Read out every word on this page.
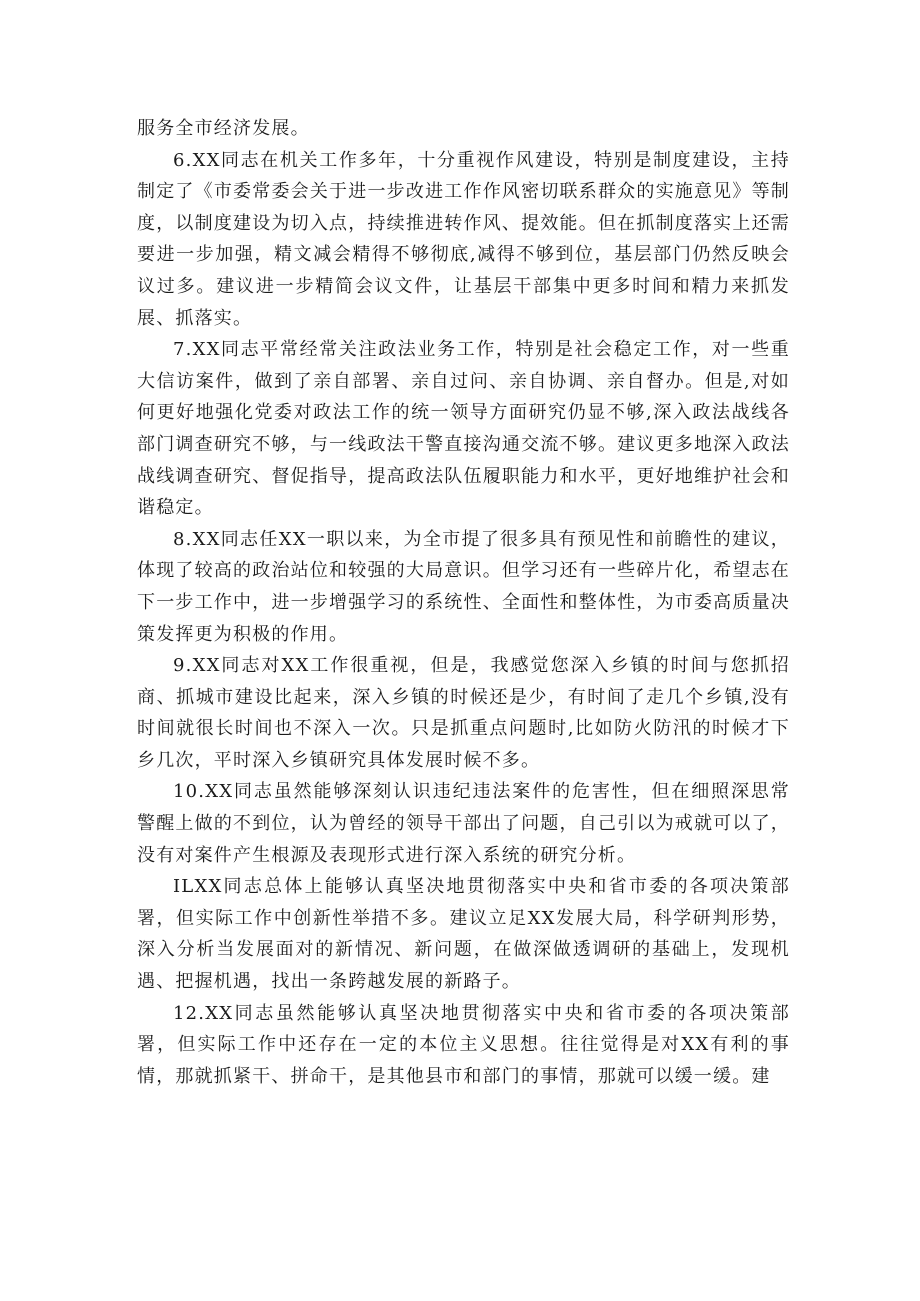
服务全市经济发展。

6.XX同志在机关工作多年，十分重视作风建设，特别是制度建设，主持制定了《市委常委会关于进一步改进工作作风密切联系群众的实施意见》等制度，以制度建设为切入点，持续推进转作风、提效能。但在抓制度落实上还需要进一步加强，精文减会精得不够彻底,减得不够到位，基层部门仍然反映会议过多。建议进一步精简会议文件，让基层干部集中更多时间和精力来抓发展、抓落实。

7.XX同志平常经常关注政法业务工作，特别是社会稳定工作，对一些重大信访案件，做到了亲自部署、亲自过问、亲自协调、亲自督办。但是,对如何更好地强化党委对政法工作的统一领导方面研究仍显不够,深入政法战线各部门调查研究不够，与一线政法干警直接沟通交流不够。建议更多地深入政法战线调查研究、督促指导，提高政法队伍履职能力和水平，更好地维护社会和谐稳定。

8.XX同志任XX一职以来，为全市提了很多具有预见性和前瞻性的建议，体现了较高的政治站位和较强的大局意识。但学习还有一些碎片化，希望志在下一步工作中，进一步增强学习的系统性、全面性和整体性，为市委高质量决策发挥更为积极的作用。

9.XX同志对XX工作很重视，但是，我感觉您深入乡镇的时间与您抓招商、抓城市建设比起来，深入乡镇的时候还是少，有时间了走几个乡镇,没有时间就很长时间也不深入一次。只是抓重点问题时,比如防火防汛的时候才下乡几次，平时深入乡镇研究具体发展时候不多。

10.XX同志虽然能够深刻认识违纪违法案件的危害性，但在细照深思常警醒上做的不到位，认为曾经的领导干部出了问题，自己引以为戒就可以了，没有对案件产生根源及表现形式进行深入系统的研究分析。

ILXX同志总体上能够认真坚决地贯彻落实中央和省市委的各项决策部署，但实际工作中创新性举措不多。建议立足XX发展大局，科学研判形势，深入分析当发展面对的新情况、新问题，在做深做透调研的基础上，发现机遇、把握机遇，找出一条跨越发展的新路子。

12.XX同志虽然能够认真坚决地贯彻落实中央和省市委的各项决策部署，但实际工作中还存在一定的本位主义思想。往往觉得是对XX有利的事情，那就抓紧干、拼命干，是其他县市和部门的事情，那就可以缓一缓。建
